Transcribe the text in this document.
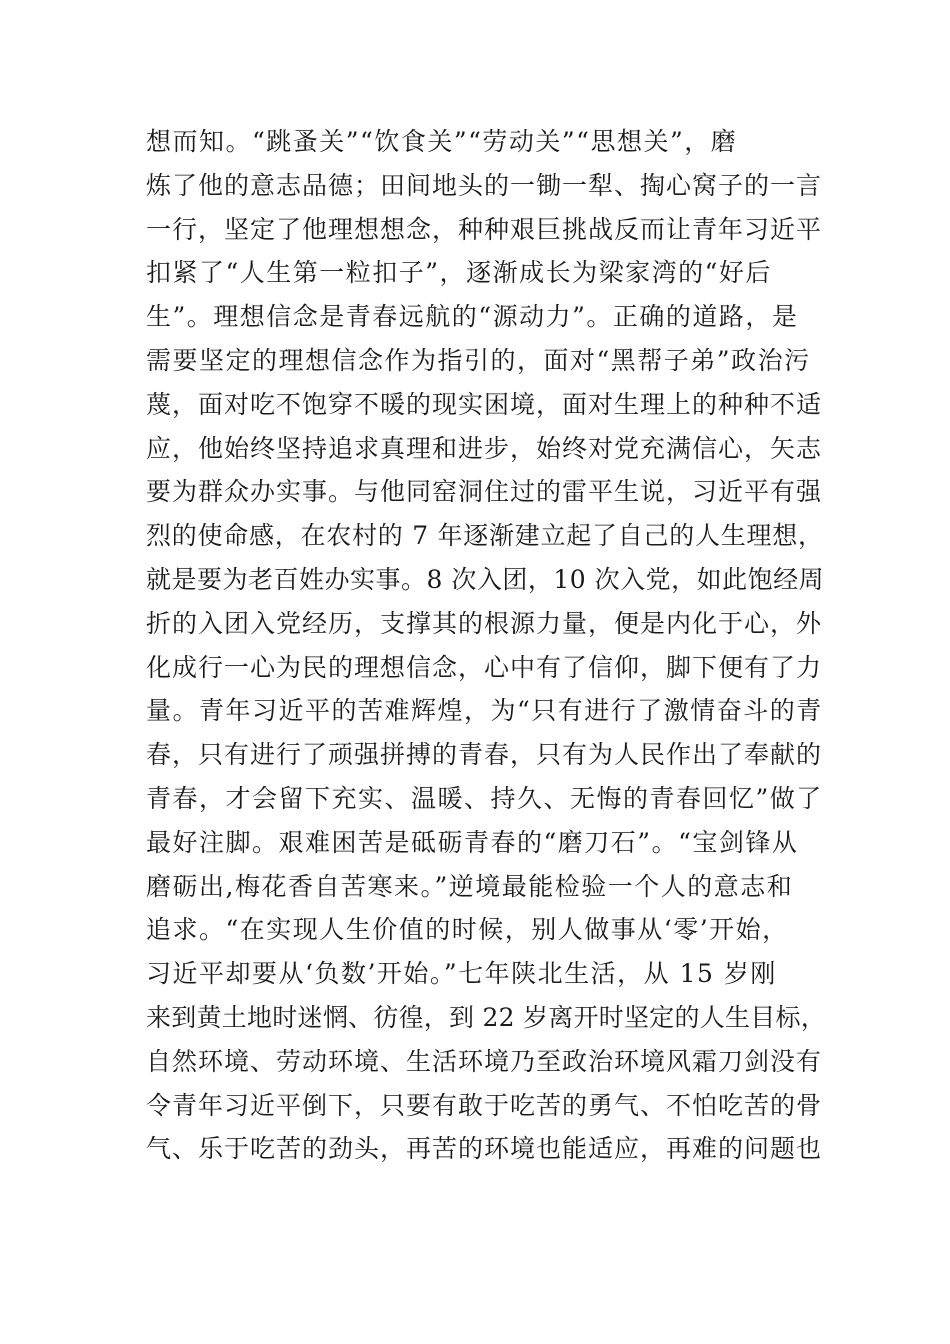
想而知。“跳蚤关”“饮食关”“劳动关”“思想关”，磨
炼了他的意志品德；田间地头的一锄一犁、掏心窝子的一言
一行，坚定了他理想想念，种种艰巨挑战反而让青年习近平
扣紧了“人生第一粒扣子”，逐渐成长为梁家湾的“好后
生”。理想信念是青春远航的“源动力”。正确的道路，是
需要坚定的理想信念作为指引的，面对“黑帮子弟”政治污
蔑，面对吃不饱穿不暖的现实困境，面对生理上的种种不适
应，他始终坚持追求真理和进步，始终对党充满信心，矢志
要为群众办实事。与他同窑洞住过的雷平生说，习近平有强
烈的使命感，在农村的 7 年逐渐建立起了自己的人生理想，
就是要为老百姓办实事。8 次入团，10 次入党，如此饱经周
折的入团入党经历，支撑其的根源力量，便是内化于心，外
化成行一心为民的理想信念，心中有了信仰，脚下便有了力
量。青年习近平的苦难辉煌，为“只有进行了激情奋斗的青
春，只有进行了顽强拼搏的青春，只有为人民作出了奉献的
青春，才会留下充实、温暖、持久、无悔的青春回忆”做了
最好注脚。艰难困苦是砥砺青春的“磨刀石”。“宝剑锋从
磨砺出,梅花香自苦寒来。”逆境最能检验一个人的意志和
追求。“在实现人生价值的时候，别人做事从‘零’开始，
习近平却要从‘负数’开始。”七年陕北生活，从 15 岁刚
来到黄土地时迷惘、彷徨，到 22 岁离开时坚定的人生目标，
自然环境、劳动环境、生活环境乃至政治环境风霜刀剑没有
令青年习近平倒下，只要有敢于吃苦的勇气、不怕吃苦的骨
气、乐于吃苦的劲头，再苦的环境也能适应，再难的问题也
